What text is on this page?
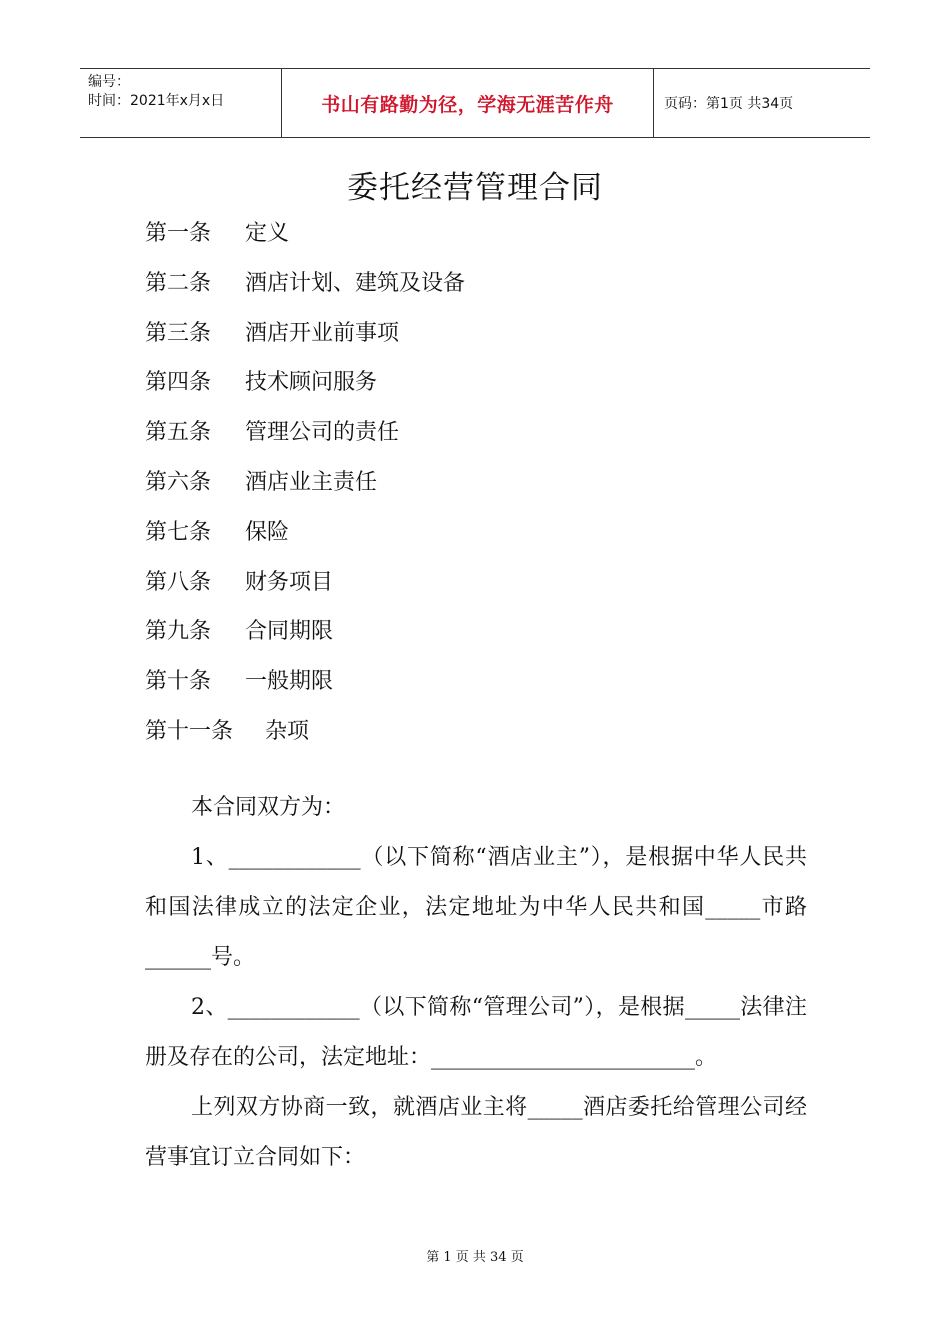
编号：
时间：2021年x月x日	书山有路勤为径，学海无涯苦作舟	页码：第1页 共34页
委托经营管理合同
第一条 定义
第二条 酒店计划、建筑及设备
第三条 酒店开业前事项
第四条 技术顾问服务
第五条 管理公司的责任
第六条 酒店业主责任
第七条 保险
第八条 财务项目
第九条 合同期限
第十条 一般期限
第十一条 杂项

本合同双方为：

1、____________（以下简称“酒店业主”），是根据中华人民共和国法律成立的法定企业，法定地址为中华人民共和国_____市路______号。

2、____________（以下简称“管理公司”），是根据_____法律注册及存在的公司，法定地址：________________________。

上列双方协商一致，就酒店业主将_____酒店委托给管理公司经营事宜订立合同如下：

第 1 页 共 34 页
